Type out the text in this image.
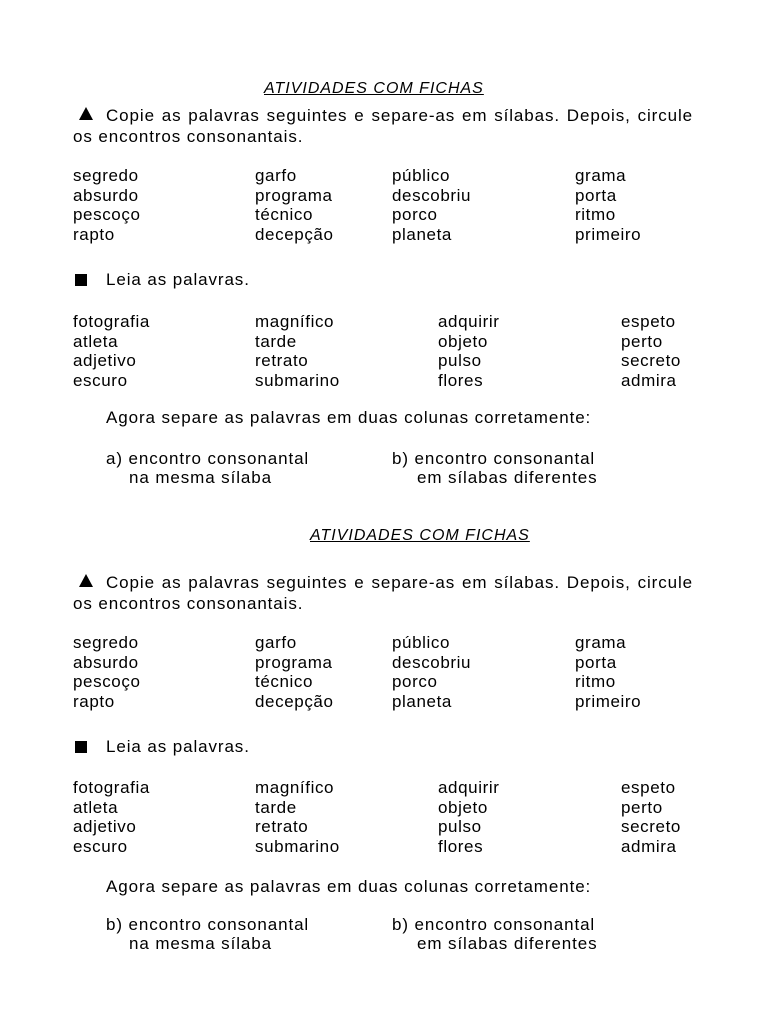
ATIVIDADES COM FICHAS
Copie as palavras seguintes e separe-as em sílabas. Depois, circule os encontros consonantais.
segredo
absurdo
pescoço
rapto
garfo
programa
técnico
decepção
público
descobriu
porco
planeta
grama
porta
ritmo
primeiro
Leia as palavras.
fotografia
atleta
adjetivo
escuro
magnífico
tarde
retrato
submarino
adquirir
objeto
pulso
flores
espeto
perto
secreto
admira
Agora separe as palavras em duas colunas corretamente:
a) encontro consonantal
na mesma sílaba
b) encontro consonantal
em sílabas diferentes
ATIVIDADES COM FICHAS
Copie as palavras seguintes e separe-as em sílabas. Depois, circule os encontros consonantais.
segredo
absurdo
pescoço
rapto
garfo
programa
técnico
decepção
público
descobriu
porco
planeta
grama
porta
ritmo
primeiro
Leia as palavras.
fotografia
atleta
adjetivo
escuro
magnífico
tarde
retrato
submarino
adquirir
objeto
pulso
flores
espeto
perto
secreto
admira
Agora separe as palavras em duas colunas corretamente:
b) encontro consonantal
na mesma sílaba
b) encontro consonantal
em sílabas diferentes
